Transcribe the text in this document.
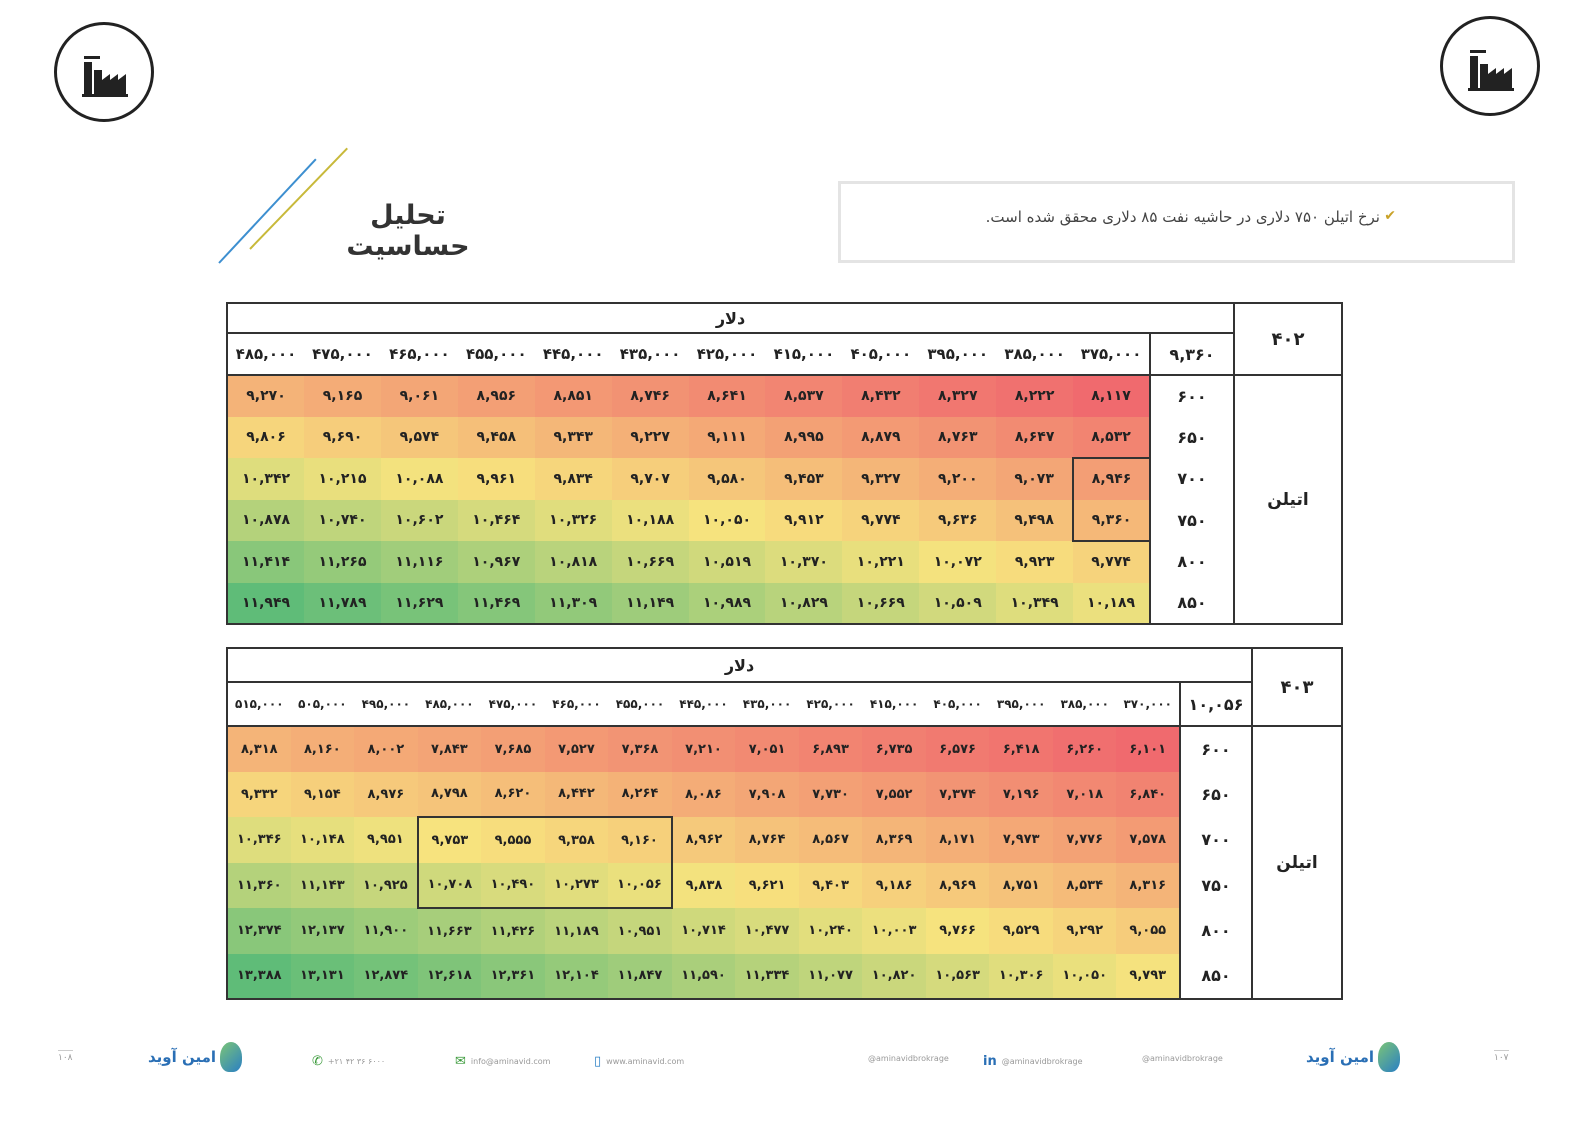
تحلیل حساسیت
✔
نرخ اتیلن ۷۵۰ دلاری در حاشیه نفت ۸۵ دلاری محقق شده است.
۴۰۲	دلار												
	۹,۳۶۰	۳۷۵,۰۰۰	۳۸۵,۰۰۰	۳۹۵,۰۰۰	۴۰۵,۰۰۰	۴۱۵,۰۰۰	۴۲۵,۰۰۰	۴۳۵,۰۰۰	۴۴۵,۰۰۰	۴۵۵,۰۰۰	۴۶۵,۰۰۰	۴۷۵,۰۰۰	۴۸۵,۰۰۰
اتیلن	۶۰۰	۸,۱۱۷	۸,۲۲۲	۸,۳۲۷	۸,۴۳۲	۸,۵۳۷	۸,۶۴۱	۸,۷۴۶	۸,۸۵۱	۸,۹۵۶	۹,۰۶۱	۹,۱۶۵	۹,۲۷۰
	۶۵۰	۸,۵۳۲	۸,۶۴۷	۸,۷۶۳	۸,۸۷۹	۸,۹۹۵	۹,۱۱۱	۹,۲۲۷	۹,۳۴۳	۹,۴۵۸	۹,۵۷۴	۹,۶۹۰	۹,۸۰۶
	۷۰۰	۸,۹۴۶	۹,۰۷۳	۹,۲۰۰	۹,۳۲۷	۹,۴۵۳	۹,۵۸۰	۹,۷۰۷	۹,۸۳۴	۹,۹۶۱	۱۰,۰۸۸	۱۰,۲۱۵	۱۰,۳۴۲
	۷۵۰	۹,۳۶۰	۹,۴۹۸	۹,۶۳۶	۹,۷۷۴	۹,۹۱۲	۱۰,۰۵۰	۱۰,۱۸۸	۱۰,۳۲۶	۱۰,۴۶۴	۱۰,۶۰۲	۱۰,۷۴۰	۱۰,۸۷۸
	۸۰۰	۹,۷۷۴	۹,۹۲۳	۱۰,۰۷۲	۱۰,۲۲۱	۱۰,۳۷۰	۱۰,۵۱۹	۱۰,۶۶۹	۱۰,۸۱۸	۱۰,۹۶۷	۱۱,۱۱۶	۱۱,۲۶۵	۱۱,۴۱۴
	۸۵۰	۱۰,۱۸۹	۱۰,۳۴۹	۱۰,۵۰۹	۱۰,۶۶۹	۱۰,۸۲۹	۱۰,۹۸۹	۱۱,۱۴۹	۱۱,۳۰۹	۱۱,۴۶۹	۱۱,۶۲۹	۱۱,۷۸۹	۱۱,۹۴۹
۴۰۳	دلار															
	۱۰,۰۵۶	۳۷۰,۰۰۰	۳۸۵,۰۰۰	۳۹۵,۰۰۰	۴۰۵,۰۰۰	۴۱۵,۰۰۰	۴۲۵,۰۰۰	۴۳۵,۰۰۰	۴۴۵,۰۰۰	۴۵۵,۰۰۰	۴۶۵,۰۰۰	۴۷۵,۰۰۰	۴۸۵,۰۰۰	۴۹۵,۰۰۰	۵۰۵,۰۰۰	۵۱۵,۰۰۰
اتیلن	۶۰۰	۶,۱۰۱	۶,۲۶۰	۶,۴۱۸	۶,۵۷۶	۶,۷۳۵	۶,۸۹۳	۷,۰۵۱	۷,۲۱۰	۷,۳۶۸	۷,۵۲۷	۷,۶۸۵	۷,۸۴۳	۸,۰۰۲	۸,۱۶۰	۸,۳۱۸
	۶۵۰	۶,۸۴۰	۷,۰۱۸	۷,۱۹۶	۷,۳۷۴	۷,۵۵۲	۷,۷۳۰	۷,۹۰۸	۸,۰۸۶	۸,۲۶۴	۸,۴۴۲	۸,۶۲۰	۸,۷۹۸	۸,۹۷۶	۹,۱۵۴	۹,۳۳۲
	۷۰۰	۷,۵۷۸	۷,۷۷۶	۷,۹۷۳	۸,۱۷۱	۸,۳۶۹	۸,۵۶۷	۸,۷۶۴	۸,۹۶۲	۹,۱۶۰	۹,۳۵۸	۹,۵۵۵	۹,۷۵۳	۹,۹۵۱	۱۰,۱۴۸	۱۰,۳۴۶
	۷۵۰	۸,۳۱۶	۸,۵۳۴	۸,۷۵۱	۸,۹۶۹	۹,۱۸۶	۹,۴۰۳	۹,۶۲۱	۹,۸۳۸	۱۰,۰۵۶	۱۰,۲۷۳	۱۰,۴۹۰	۱۰,۷۰۸	۱۰,۹۲۵	۱۱,۱۴۳	۱۱,۳۶۰
	۸۰۰	۹,۰۵۵	۹,۲۹۲	۹,۵۲۹	۹,۷۶۶	۱۰,۰۰۳	۱۰,۲۴۰	۱۰,۴۷۷	۱۰,۷۱۴	۱۰,۹۵۱	۱۱,۱۸۹	۱۱,۴۲۶	۱۱,۶۶۳	۱۱,۹۰۰	۱۲,۱۳۷	۱۲,۳۷۴
	۸۵۰	۹,۷۹۳	۱۰,۰۵۰	۱۰,۳۰۶	۱۰,۵۶۳	۱۰,۸۲۰	۱۱,۰۷۷	۱۱,۳۳۴	۱۱,۵۹۰	۱۱,۸۴۷	۱۲,۱۰۴	۱۲,۳۶۱	۱۲,۶۱۸	۱۲,۸۷۴	۱۳,۱۳۱	۱۳,۳۸۸
۱۰۸	امین آوید	✆ +۲۱ ۴۲ ۳۶ ۶۰۰۰	✉ info@aminavid.com	▯ www.aminavid.com	@aminavidbrokrage	in @aminavidbrokrage	@aminavidbrokrage	امین آوید	۱۰۷
